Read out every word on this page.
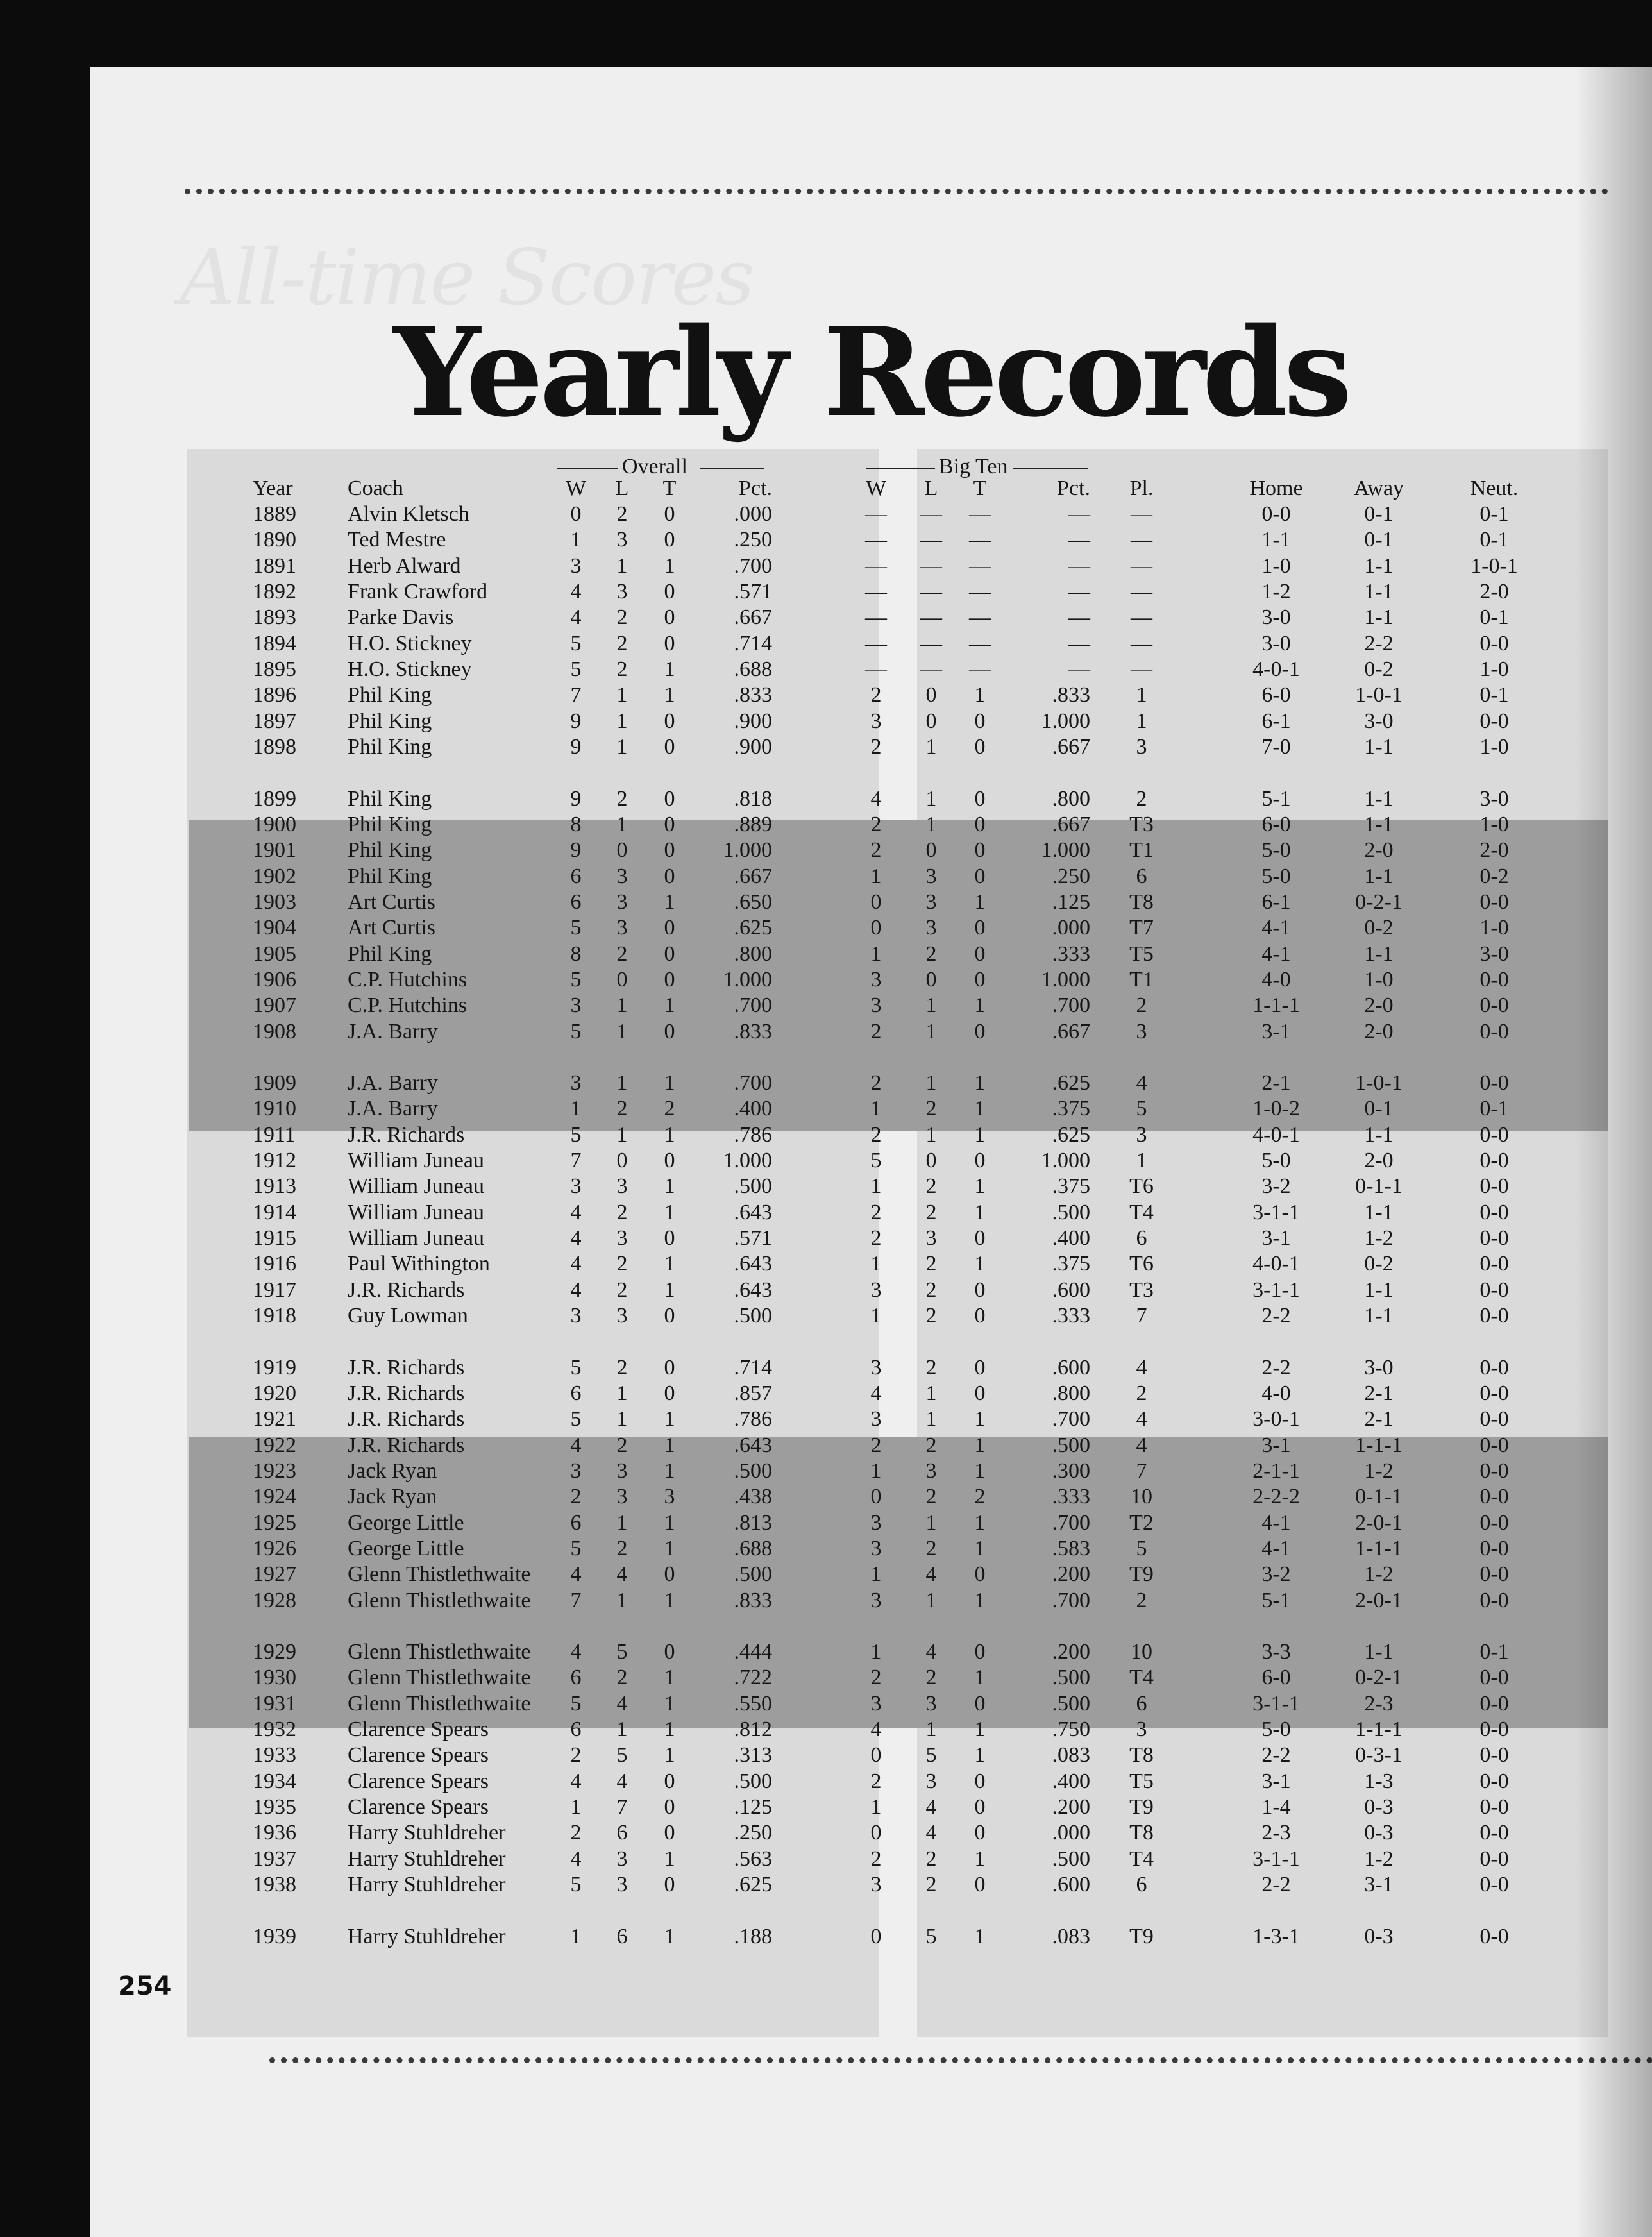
All-time Scores
Yearly Records
Overall	Big Ten
Year	Coach	W	L	T	Pct.	W	L	T	Pct.	Pl.	Home	Away	Neut.
1889 Alvin Kletsch	0	2	0	.000	—	—	—	—	—	0-0	0-1	0-1
1890 Ted Mestre	1	3	0	.250	—	—	—	—	—	1-1	0-1	0-1
1891 Herb Alward	3	1	1	.700	—	—	—	—	—	1-0	1-1	1-0-1
1892 Frank Crawford	4	3	0	.571	—	—	—	—	—	1-2	1-1	2-0
1893 Parke Davis	4	2	0	.667	—	—	—	—	—	3-0	1-1	0-1
1894 H.O. Stickney	5	2	0	.714	—	—	—	—	—	3-0	2-2	0-0
1895 H.O. Stickney	5	2	1	.688	—	—	—	—	—	4-0-1	0-2	1-0
1896 Phil King	7	1	1	.833	2	0	1	.833	1	6-0	1-0-1	0-1
1897 Phil King	9	1	0	.900	3	0	0	1.000	1	6-1	3-0	0-0
1898 Phil King	9	1	0	.900	2	1	0	.667	3	7-0	1-1	1-0
1899 Phil King	9	2	0	.818	4	1	0	.800	2	5-1	1-1	3-0
1900 Phil King	8	1	0	.889	2	1	0	.667	T3	6-0	1-1	1-0
1901 Phil King	9	0	0	1.000	2	0	0	1.000	T1	5-0	2-0	2-0
1902 Phil King	6	3	0	.667	1	3	0	.250	6	5-0	1-1	0-2
1903 Art Curtis	6	3	1	.650	0	3	1	.125	T8	6-1	0-2-1	0-0
1904 Art Curtis	5	3	0	.625	0	3	0	.000	T7	4-1	0-2	1-0
1905 Phil King	8	2	0	.800	1	2	0	.333	T5	4-1	1-1	3-0
1906 C.P. Hutchins	5	0	0	1.000	3	0	0	1.000	T1	4-0	1-0	0-0
1907 C.P. Hutchins	3	1	1	.700	3	1	1	.700	2	1-1-1	2-0	0-0
1908 J.A. Barry	5	1	0	.833	2	1	0	.667	3	3-1	2-0	0-0
1909 J.A. Barry	3	1	1	.700	2	1	1	.625	4	2-1	1-0-1	0-0
1910 J.A. Barry	1	2	2	.400	1	2	1	.375	5	1-0-2	0-1	0-1
1911 J.R. Richards	5	1	1	.786	2	1	1	.625	3	4-0-1	1-1	0-0
1912 William Juneau	7	0	0	1.000	5	0	0	1.000	1	5-0	2-0	0-0
1913 William Juneau	3	3	1	.500	1	2	1	.375	T6	3-2	0-1-1	0-0
1914 William Juneau	4	2	1	.643	2	2	1	.500	T4	3-1-1	1-1	0-0
1915 William Juneau	4	3	0	.571	2	3	0	.400	6	3-1	1-2	0-0
1916 Paul Withington	4	2	1	.643	1	2	1	.375	T6	4-0-1	0-2	0-0
1917 J.R. Richards	4	2	1	.643	3	2	0	.600	T3	3-1-1	1-1	0-0
1918 Guy Lowman	3	3	0	.500	1	2	0	.333	7	2-2	1-1	0-0
1919 J.R. Richards	5	2	0	.714	3	2	0	.600	4	2-2	3-0	0-0
1920 J.R. Richards	6	1	0	.857	4	1	0	.800	2	4-0	2-1	0-0
1921 J.R. Richards	5	1	1	.786	3	1	1	.700	4	3-0-1	2-1	0-0
1922 J.R. Richards	4	2	1	.643	2	2	1	.500	4	3-1	1-1-1	0-0
1923 Jack Ryan	3	3	1	.500	1	3	1	.300	7	2-1-1	1-2	0-0
1924 Jack Ryan	2	3	3	.438	0	2	2	.333	10	2-2-2	0-1-1	0-0
1925 George Little	6	1	1	.813	3	1	1	.700	T2	4-1	2-0-1	0-0
1926 George Little	5	2	1	.688	3	2	1	.583	5	4-1	1-1-1	0-0
1927 Glenn Thistlethwaite	4	4	0	.500	1	4	0	.200	T9	3-2	1-2	0-0
1928 Glenn Thistlethwaite	7	1	1	.833	3	1	1	.700	2	5-1	2-0-1	0-0
1929 Glenn Thistlethwaite	4	5	0	.444	1	4	0	.200	10	3-3	1-1	0-1
1930 Glenn Thistlethwaite	6	2	1	.722	2	2	1	.500	T4	6-0	0-2-1	0-0
1931 Glenn Thistlethwaite	5	4	1	.550	3	3	0	.500	6	3-1-1	2-3	0-0
1932 Clarence Spears	6	1	1	.812	4	1	1	.750	3	5-0	1-1-1	0-0
1933 Clarence Spears	2	5	1	.313	0	5	1	.083	T8	2-2	0-3-1	0-0
1934 Clarence Spears	4	4	0	.500	2	3	0	.400	T5	3-1	1-3	0-0
1935 Clarence Spears	1	7	0	.125	1	4	0	.200	T9	1-4	0-3	0-0
1936 Harry Stuhldreher	2	6	0	.250	0	4	0	.000	T8	2-3	0-3	0-0
1937 Harry Stuhldreher	4	3	1	.563	2	2	1	.500	T4	3-1-1	1-2	0-0
1938 Harry Stuhldreher	5	3	0	.625	3	2	0	.600	6	2-2	3-1	0-0
1939 Harry Stuhldreher	1	6	1	.188	0	5	1	.083	T9	1-3-1	0-3	0-0
254
